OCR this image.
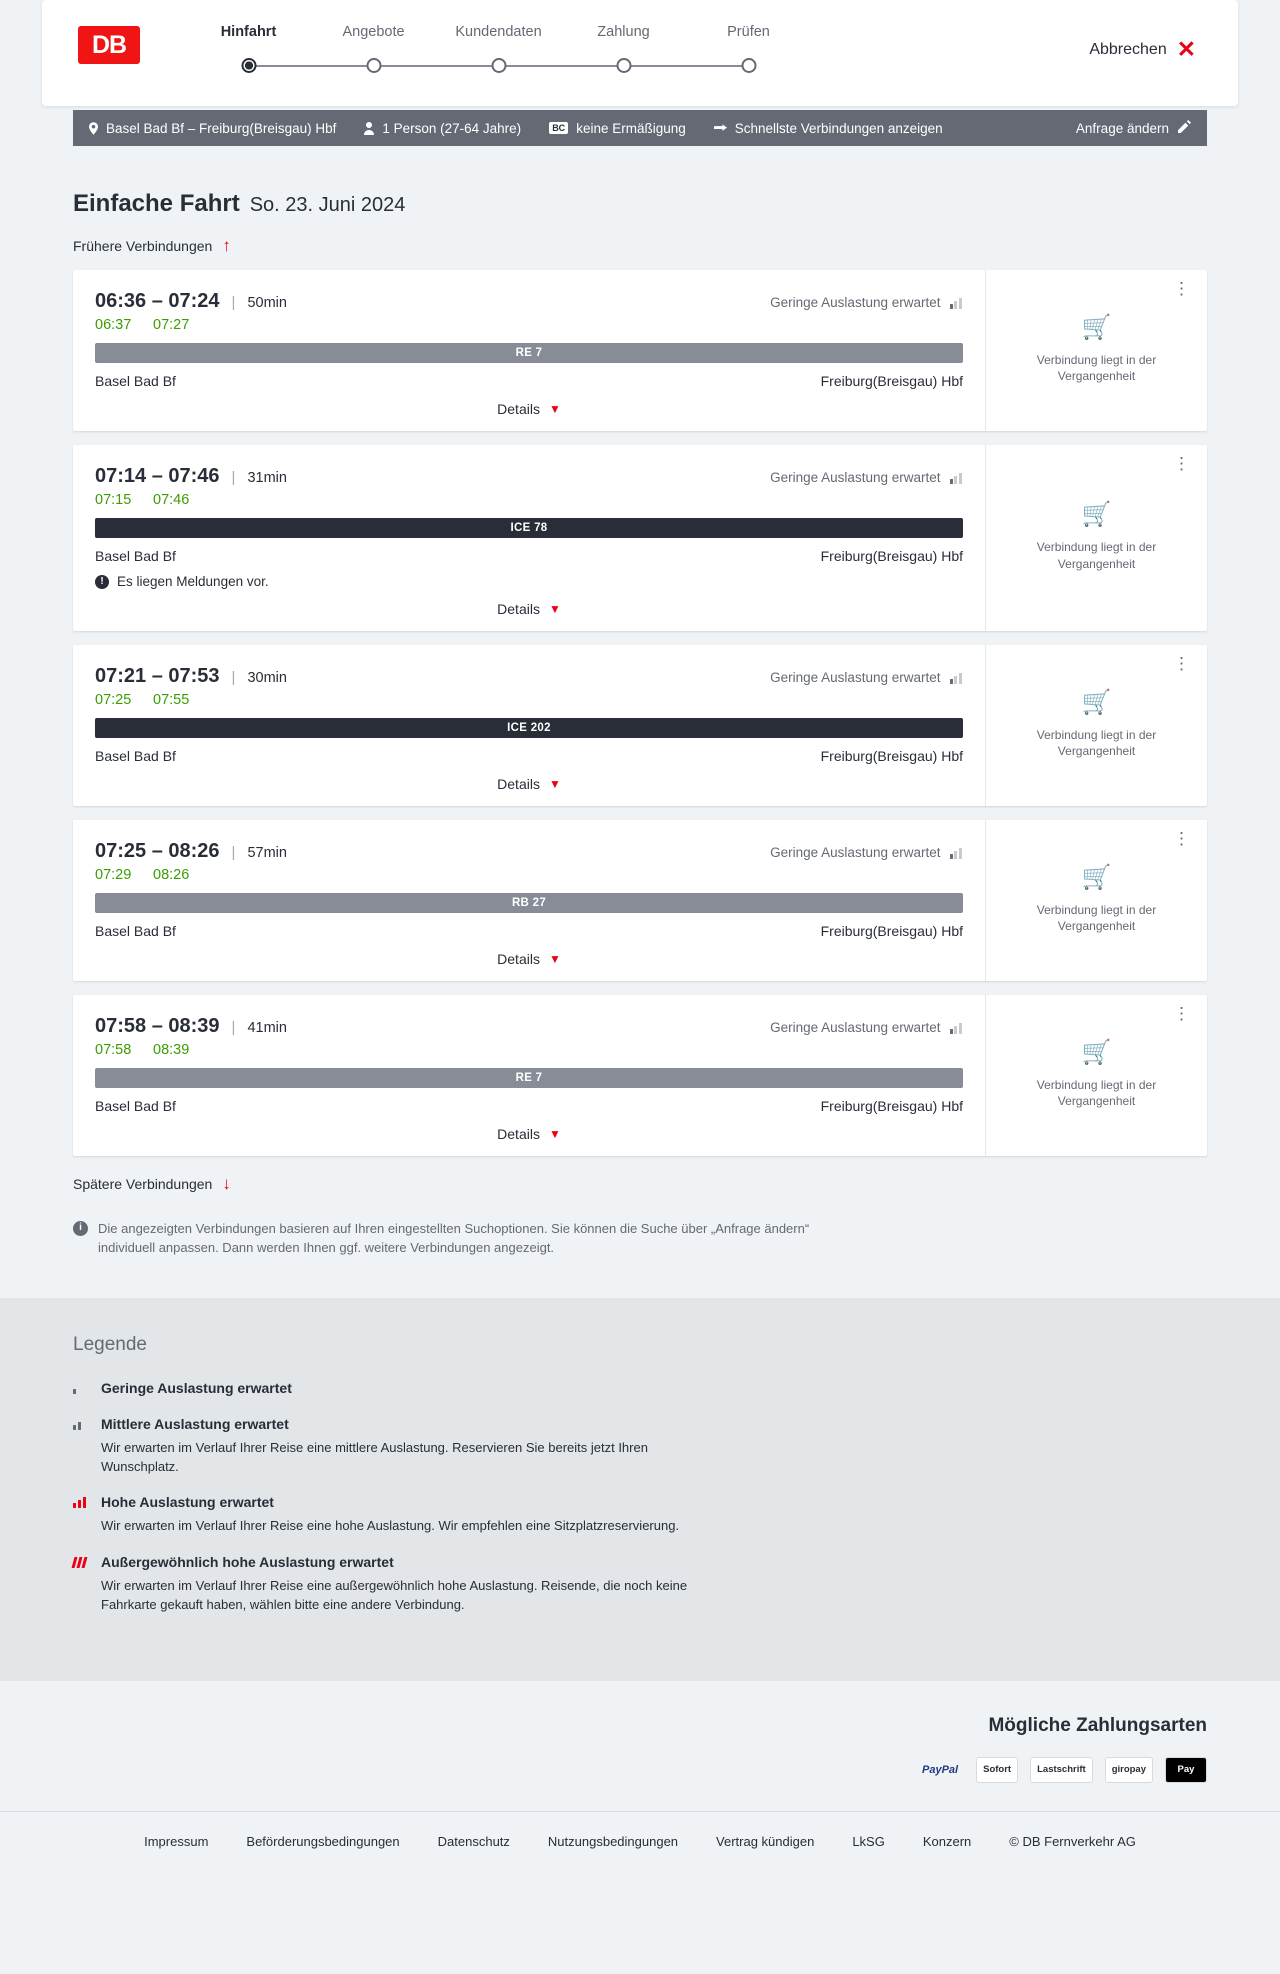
DB	Hinfahrt	Angebote	Kundendaten	Zahlung	Prüfen
Abbrechen ✕
Basel Bad Bf – Freiburg(Breisgau) Hbf	1 Person (27-64 Jahre)	BC keine Ermäßigung	Schnellste Verbindungen anzeigen	Anfrage ändern
Einfache Fahrt So. 23. Juni 2024
Frühere Verbindungen ↑
06:36 – 07:24 | 50min	Geringe Auslastung erwartet
06:37	07:27
RE 7
Basel Bad Bf	Freiburg(Breisgau) Hbf
Details ▼
⋮
🛒
Verbindung liegt in der Vergangenheit
07:14 – 07:46 | 31min	Geringe Auslastung erwartet
07:15	07:46
ICE 78
Basel Bad Bf	Freiburg(Breisgau) Hbf
! Es liegen Meldungen vor.
Details ▼
⋮
🛒
Verbindung liegt in der Vergangenheit
07:21 – 07:53 | 30min	Geringe Auslastung erwartet
07:25	07:55
ICE 202
Basel Bad Bf	Freiburg(Breisgau) Hbf
Details ▼
⋮
🛒
Verbindung liegt in der Vergangenheit
07:25 – 08:26 | 57min	Geringe Auslastung erwartet
07:29	08:26
RB 27
Basel Bad Bf	Freiburg(Breisgau) Hbf
Details ▼
⋮
🛒
Verbindung liegt in der Vergangenheit
07:58 – 08:39 | 41min	Geringe Auslastung erwartet
07:58	08:39
RE 7
Basel Bad Bf	Freiburg(Breisgau) Hbf
Details ▼
⋮
🛒
Verbindung liegt in der Vergangenheit
Spätere Verbindungen ↓
i	Die angezeigten Verbindungen basieren auf Ihren eingestellten Suchoptionen. Sie können die Suche über „Anfrage ändern“ individuell anpassen. Dann werden Ihnen ggf. weitere Verbindungen angezeigt.
Legende
Geringe Auslastung erwartet
Mittlere Auslastung erwartet
Wir erwarten im Verlauf Ihrer Reise eine mittlere Auslastung. Reservieren Sie bereits jetzt Ihren Wunschplatz.
Hohe Auslastung erwartet
Wir erwarten im Verlauf Ihrer Reise eine hohe Auslastung. Wir empfehlen eine Sitzplatzreservierung.
Außergewöhnlich hohe Auslastung erwartet
Wir erwarten im Verlauf Ihrer Reise eine außergewöhnlich hohe Auslastung. Reisende, die noch keine Fahrkarte gekauft haben, wählen bitte eine andere Verbindung.
Mögliche Zahlungsarten
PayPal	Sofort	Lastschrift	giropay	Pay
Impressum	Beförderungsbedingungen	Datenschutz	Nutzungsbedingungen	Vertrag kündigen	LkSG	Konzern	© DB Fernverkehr AG
